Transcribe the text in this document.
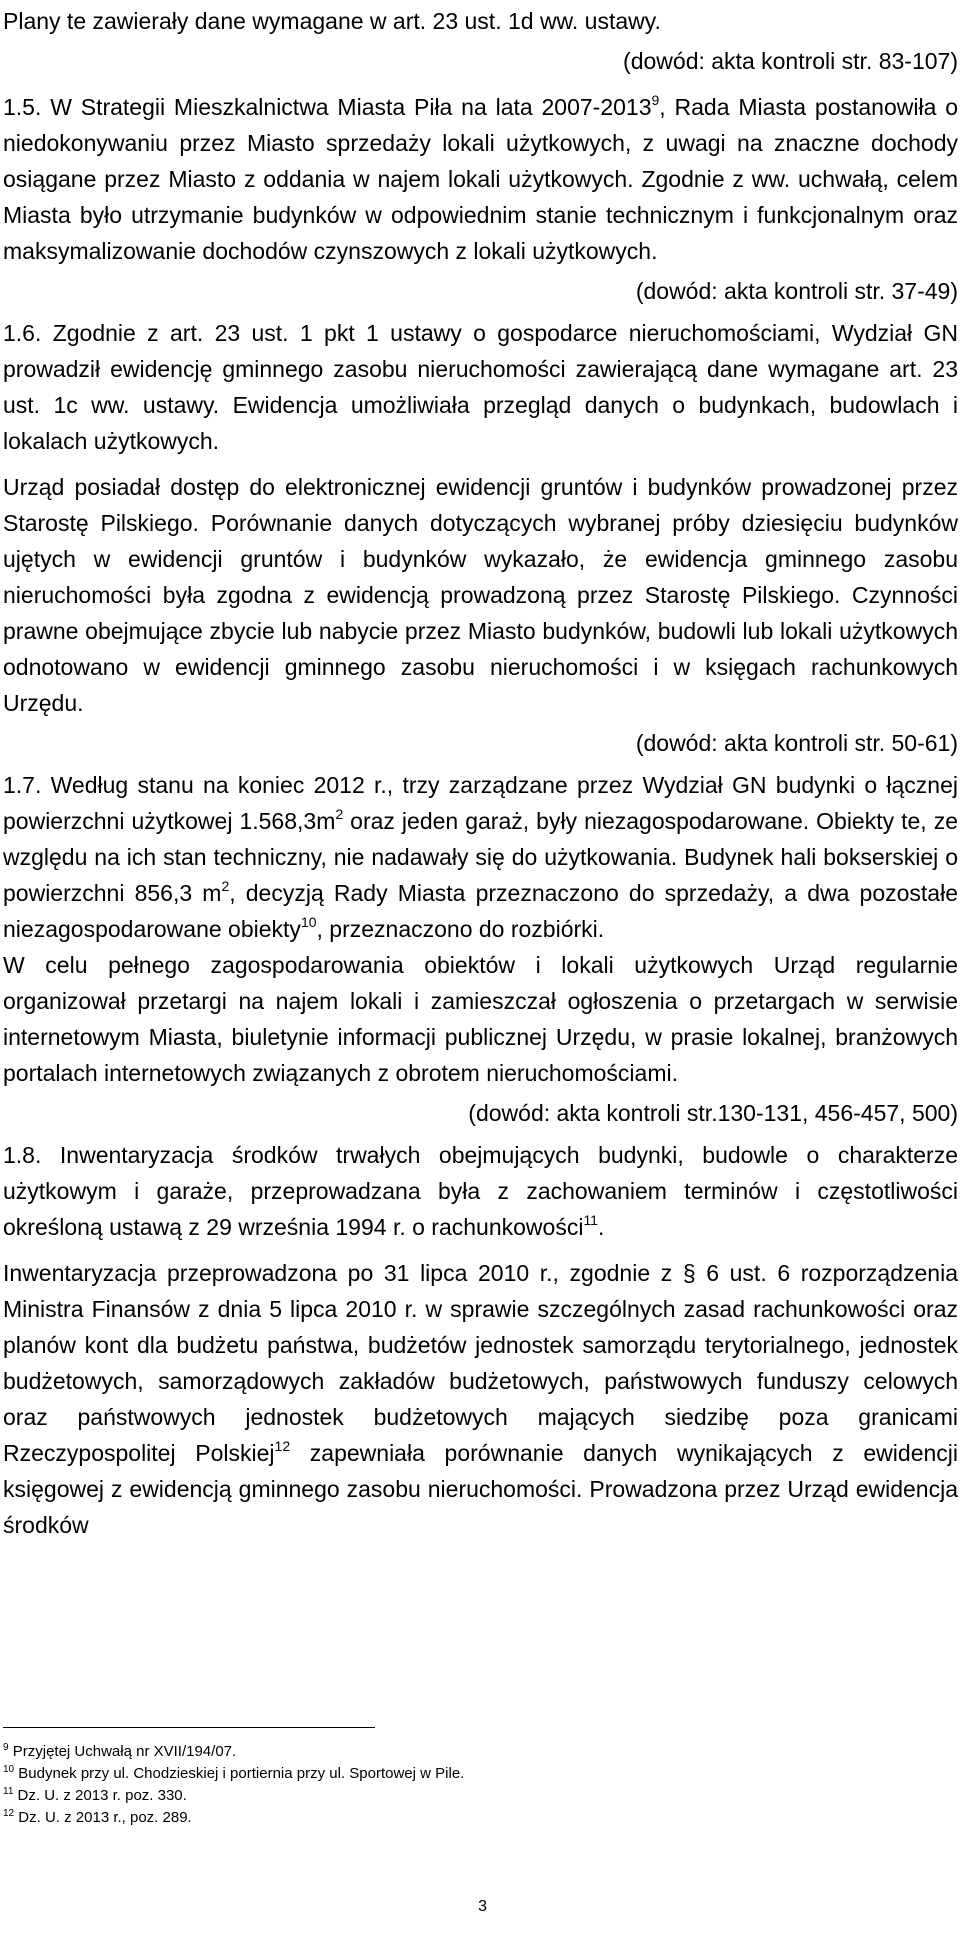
Plany te zawierały dane wymagane w art. 23 ust. 1d ww. ustawy.

(dowód: akta kontroli str. 83-107)

1.5. W Strategii Mieszkalnictwa Miasta Piła na lata 2007-2013$^9$, Rada Miasta postanowiła o niedokonywaniu przez Miasto sprzedaży lokali użytkowych, z uwagi na znaczne dochody osiągane przez Miasto z oddania w najem lokali użytkowych. Zgodnie z ww. uchwałą, celem Miasta było utrzymanie budynków w odpowiednim stanie technicznym i funkcjonalnym oraz maksymalizowanie dochodów czynszowych z lokali użytkowych.

(dowód: akta kontroli str. 37-49)

1.6. Zgodnie z art. 23 ust. 1 pkt 1 ustawy o gospodarce nieruchomościami, Wydział GN prowadził ewidencję gminnego zasobu nieruchomości zawierającą dane wymagane art. 23 ust. 1c ww. ustawy. Ewidencja umożliwiała przegląd danych o budynkach, budowlach i lokalach użytkowych.

Urząd posiadał dostęp do elektronicznej ewidencji gruntów i budynków prowadzonej przez Starostę Pilskiego. Porównanie danych dotyczących wybranej próby dziesięciu budynków ujętych w ewidencji gruntów i budynków wykazało, że ewidencja gminnego zasobu nieruchomości była zgodna z ewidencją prowadzoną przez Starostę Pilskiego. Czynności prawne obejmujące zbycie lub nabycie przez Miasto budynków, budowli lub lokali użytkowych odnotowano w ewidencji gminnego zasobu nieruchomości i w księgach rachunkowych Urzędu.

(dowód: akta kontroli str. 50-61)

1.7. Według stanu na koniec 2012 r., trzy zarządzane przez Wydział GN budynki o łącznej powierzchni użytkowej $1.568,3m^2$ oraz jeden garaż, były niezagospodarowane. Obiekty te, ze względu na ich stan techniczny, nie nadawały się do użytkowania. Budynek hali bokserskiej o powierzchni 856,3 $m^2$, decyzją Rady Miasta przeznaczono do sprzedaży, a dwa pozostałe niezagospodarowane obiekty$^{10}$, przeznaczono do rozbiórki.

W celu pełnego zagospodarowania obiektów i lokali użytkowych Urząd regularnie organizował przetargi na najem lokali i zamieszczał ogłoszenia o przetargach w serwisie internetowym Miasta, biuletynie informacji publicznej Urzędu, w prasie lokalnej, branżowych portalach internetowych związanych z obrotem nieruchomościami.

(dowód: akta kontroli str.130-131, 456-457, 500)

1.8. Inwentaryzacja środków trwałych obejmujących budynki, budowle o charakterze użytkowym i garaże, przeprowadzana była z zachowaniem terminów i częstotliwości określoną ustawą z 29 września 1994 r. o rachunkowości$^{11}$.

Inwentaryzacja przeprowadzona po 31 lipca 2010 r., zgodnie z § 6 ust. 6 rozporządzenia Ministra Finansów z dnia 5 lipca 2010 r. w sprawie szczególnych zasad rachunkowości oraz planów kont dla budżetu państwa, budżetów jednostek samorządu terytorialnego, jednostek budżetowych, samorządowych zakładów budżetowych, państwowych funduszy celowych oraz państwowych jednostek budżetowych mających siedzibę poza granicami Rzeczypospolitej Polskiej$^{12}$ zapewniała porównanie danych wynikających z ewidencji księgowej z ewidencją gminnego zasobu nieruchomości. Prowadzona przez Urząd ewidencja środków

$^9$ Przyjętej Uchwałą nr XVII/194/07.
$^{10}$ Budynek przy ul. Chodzieskiej i portiernia przy ul. Sportowej w Pile.
$^{11}$ Dz. U. z 2013 r. poz. 330.
$^{12}$ Dz. U. z 2013 r., poz. 289.
3
